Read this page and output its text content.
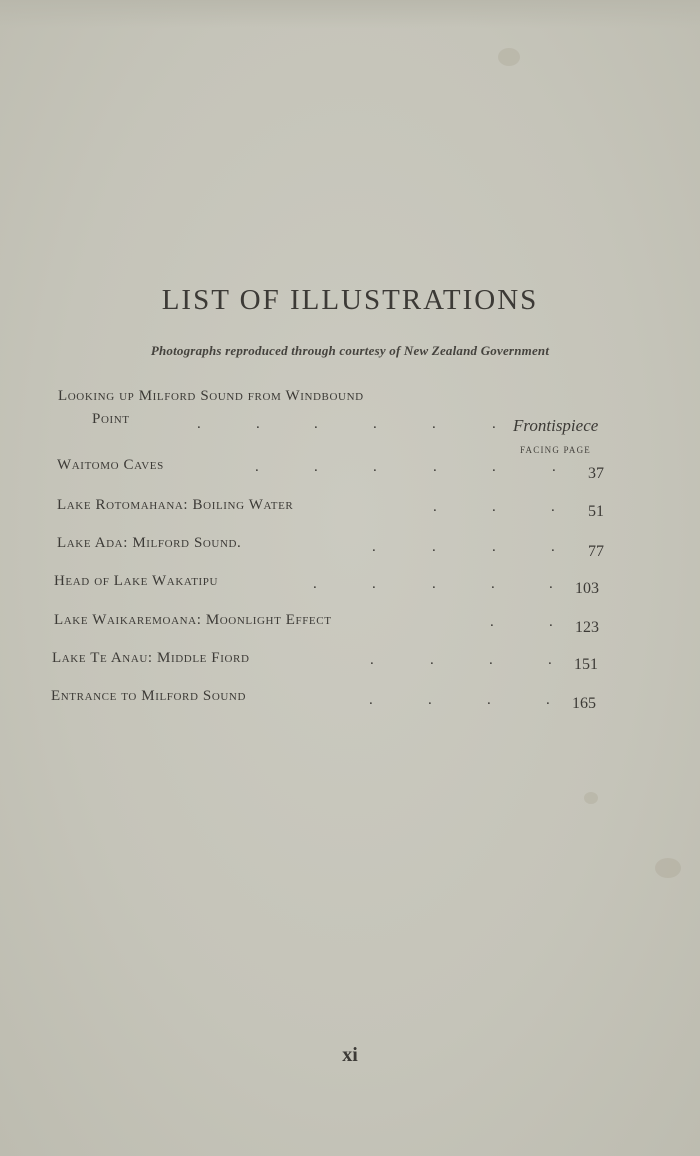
LIST OF ILLUSTRATIONS
Photographs reproduced through courtesy of New Zealand Government
Looking up Milford Sound from Windbound
Point	.	.	.	.	.	. Frontispiece
FACING PAGE
Waitomo Caves	.	.	.	.	.	. 37
Lake Rotomahana: Boiling Water	.	.	. 51
Lake Ada: Milford Sound.	.	.	.	. 77
Head of Lake Wakatipu	.	.	.	.	. 103
Lake Waikaremoana: Moonlight Effect	.	. 123
Lake Te Anau: Middle Fiord	.	.	.	. 151
Entrance to Milford Sound	.	.	.	. 165
xi
